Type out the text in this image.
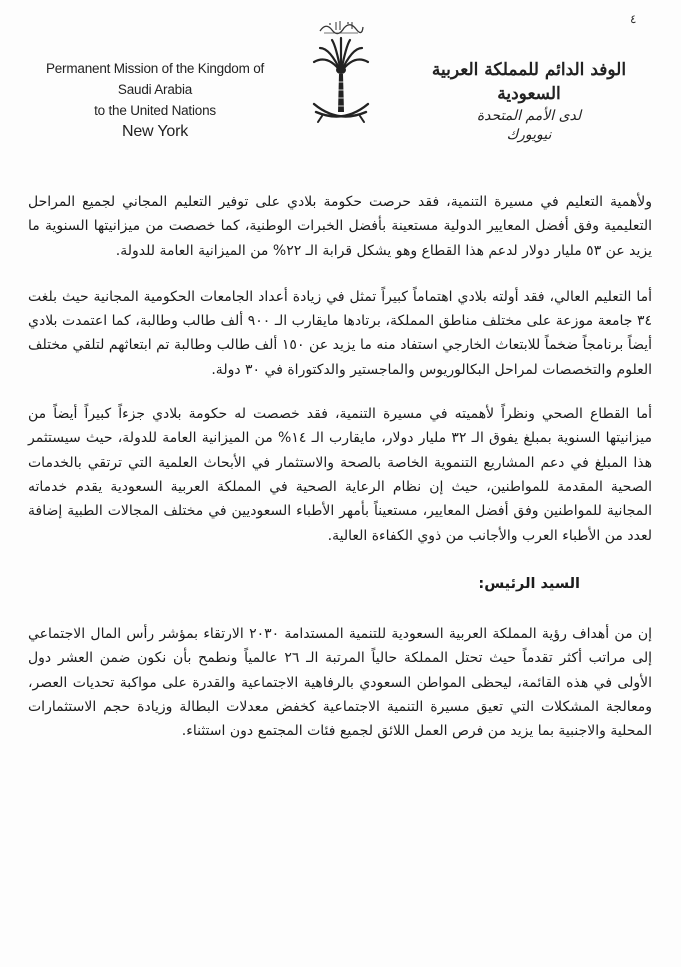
٤
Permanent Mission of the Kingdom of Saudi Arabia
to the United Nations
New York
الوفد الدائم للمملكة العربية السعودية
لدى الأمم المتحدة
نيويورك

ولأهمية التعليم في مسيرة التنمية، فقد حرصت حكومة بلادي على توفير التعليم المجاني لجميع المراحل التعليمية وفق أفضل المعايير الدولية مستعينة بأفضل الخبرات الوطنية، كما خصصت من ميزانيتها السنوية ما يزيد عن ٥٣ مليار دولار لدعم هذا القطاع وهو يشكل قرابة الـ ٢٢% من الميزانية العامة للدولة.

أما التعليم العالي، فقد أولته بلادي اهتماماً كبيراً تمثل في زيادة أعداد الجامعات الحكومية المجانية حيث بلغت ٣٤ جامعة موزعة على مختلف مناطق المملكة، برتادها مايقارب الـ ٩٠٠ ألف طالب وطالبة، كما اعتمدت بلادي أيضاً برنامجاً ضخماً للابتعاث الخارجي استفاد منه ما يزيد عن ١٥٠ ألف طالب وطالبة تم ابتعاثهم لتلقي مختلف العلوم والتخصصات لمراحل البكالوريوس والماجستير والدكتوراة في ٣٠ دولة.

أما القطاع الصحي ونظراً لأهميته في مسيرة التنمية، فقد خصصت له حكومة بلادي جزءاً كبيراً أيضاً من ميزانيتها السنوية بمبلغ يفوق الـ ٣٢ مليار دولار، مايقارب الـ ١٤% من الميزانية العامة للدولة، حيث سيستثمر هذا المبلغ في دعم المشاريع التنموية الخاصة بالصحة والاستثمار في الأبحاث العلمية التي ترتقي بالخدمات الصحية المقدمة للمواطنين، حيث إن نظام الرعاية الصحية في المملكة العربية السعودية يقدم خدماته المجانية للمواطنين وفق أفضل المعايير، مستعيناً بأمهر الأطباء السعوديين في مختلف المجالات الطبية إضافة لعدد من الأطباء العرب والأجانب من ذوي الكفاءة العالية.

السيد الرئيس:

إن من أهداف رؤية المملكة العربية السعودية للتنمية المستدامة ٢٠٣٠ الارتقاء بمؤشر رأس المال الاجتماعي إلى مراتب أكثر تقدماً حيث تحتل المملكة حالياً المرتبة الـ ٢٦ عالمياً ونطمح بأن نكون ضمن العشر دول الأولى في هذه القائمة، ليحظى المواطن السعودي بالرفاهية الاجتماعية والقدرة على مواكبة تحديات العصر، ومعالجة المشكلات التي تعيق مسيرة التنمية الاجتماعية كخفض معدلات البطالة وزيادة حجم الاستثمارات المحلية والاجنبية بما يزيد من فرص العمل اللائق لجميع فئات المجتمع دون استثناء.
